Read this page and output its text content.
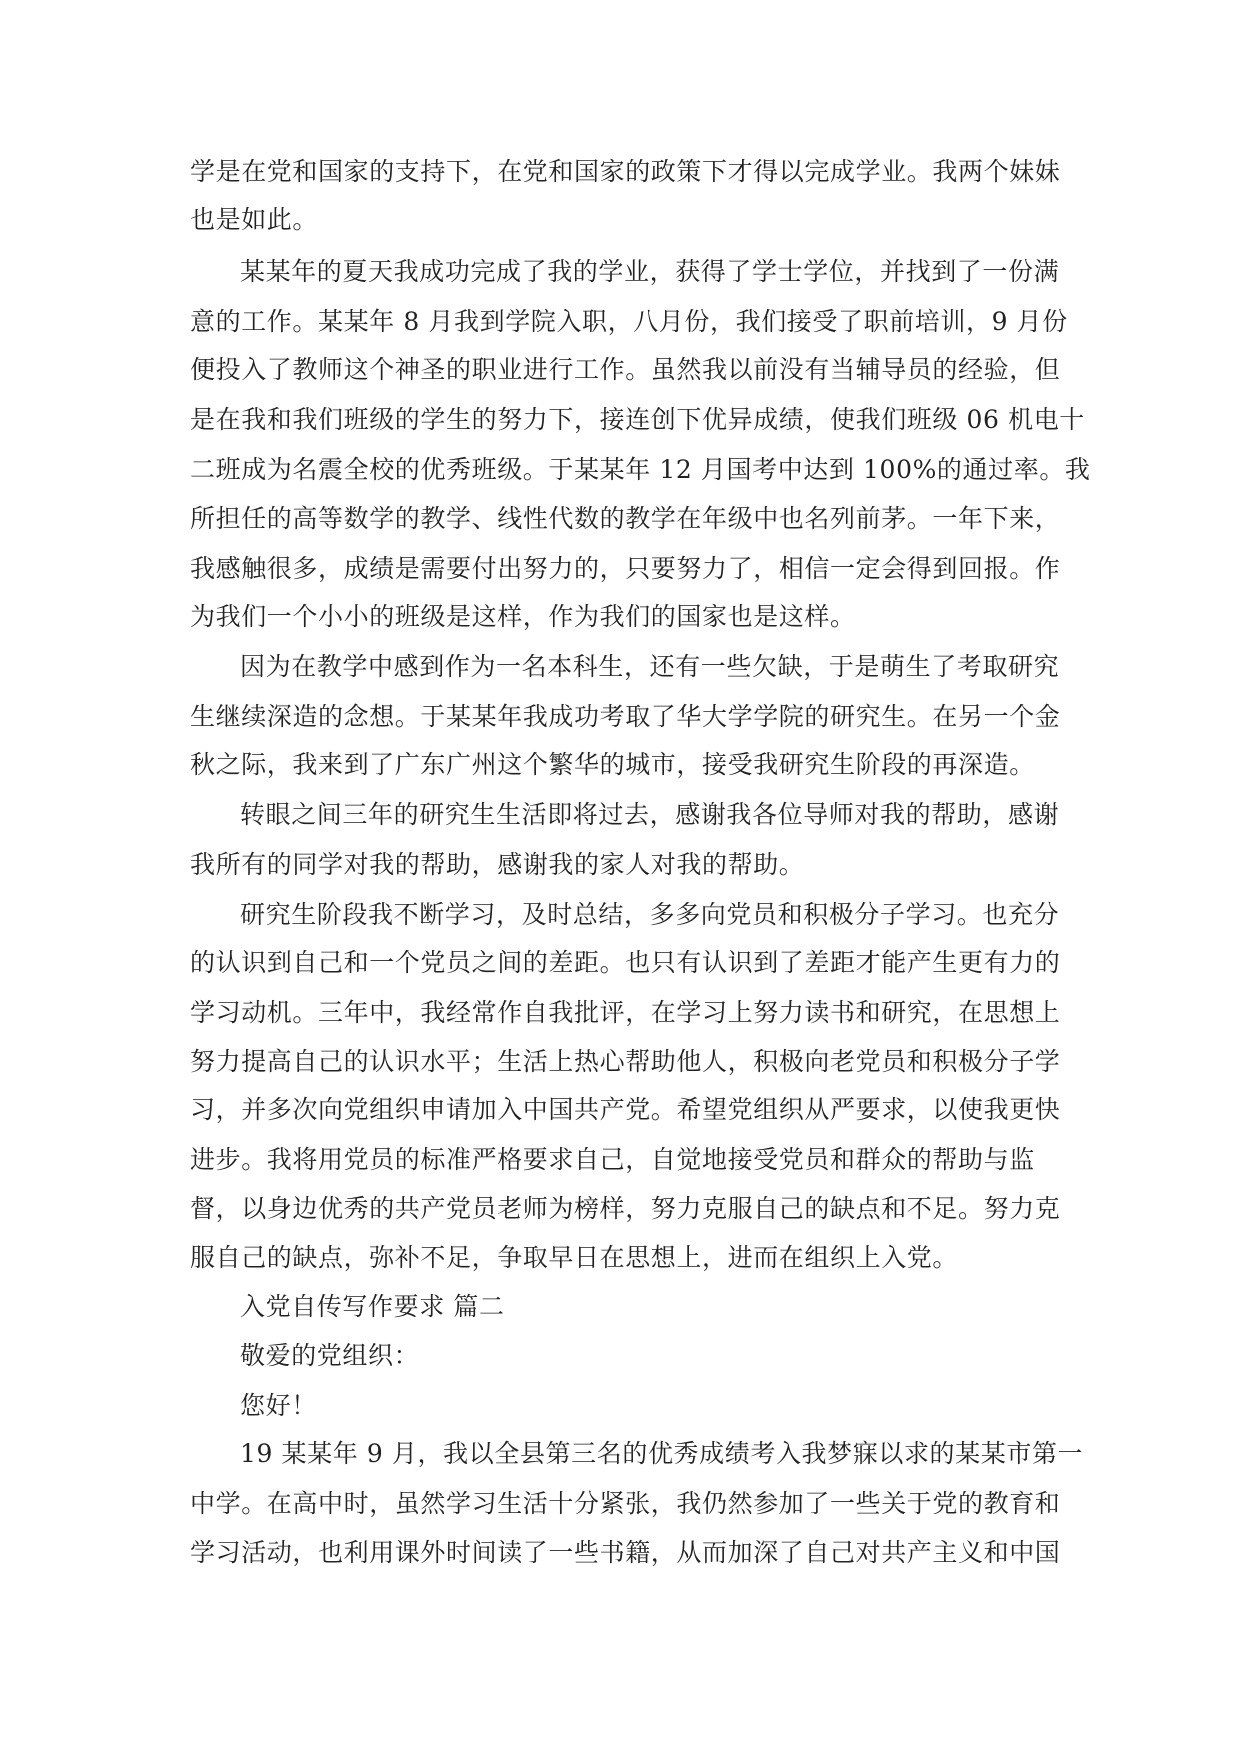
学是在党和国家的支持下，在党和国家的政策下才得以完成学业。我两个妹妹

也是如此。

某某年的夏天我成功完成了我的学业，获得了学士学位，并找到了一份满

意的工作。某某年 8 月我到学院入职，八月份，我们接受了职前培训，9 月份

便投入了教师这个神圣的职业进行工作。虽然我以前没有当辅导员的经验，但

是在我和我们班级的学生的努力下，接连创下优异成绩，使我们班级 06 机电十

二班成为名震全校的优秀班级。于某某年 12 月国考中达到 100%的通过率。我

所担任的高等数学的教学、线性代数的教学在年级中也名列前茅。一年下来，

我感触很多，成绩是需要付出努力的，只要努力了，相信一定会得到回报。作

为我们一个小小的班级是这样，作为我们的国家也是这样。

因为在教学中感到作为一名本科生，还有一些欠缺，于是萌生了考取研究

生继续深造的念想。于某某年我成功考取了华大学学院的研究生。在另一个金

秋之际，我来到了广东广州这个繁华的城市，接受我研究生阶段的再深造。

转眼之间三年的研究生生活即将过去，感谢我各位导师对我的帮助，感谢

我所有的同学对我的帮助，感谢我的家人对我的帮助。

研究生阶段我不断学习，及时总结，多多向党员和积极分子学习。也充分

的认识到自己和一个党员之间的差距。也只有认识到了差距才能产生更有力的

学习动机。三年中，我经常作自我批评，在学习上努力读书和研究，在思想上

努力提高自己的认识水平；生活上热心帮助他人，积极向老党员和积极分子学

习，并多次向党组织申请加入中国共产党。希望党组织从严要求，以使我更快

进步。我将用党员的标准严格要求自己，自觉地接受党员和群众的帮助与监

督，以身边优秀的共产党员老师为榜样，努力克服自己的缺点和不足。努力克

服自己的缺点，弥补不足，争取早日在思想上，进而在组织上入党。

入党自传写作要求 篇二

敬爱的党组织：

您好！

19 某某年 9 月，我以全县第三名的优秀成绩考入我梦寐以求的某某市第一

中学。在高中时，虽然学习生活十分紧张，我仍然参加了一些关于党的教育和

学习活动，也利用课外时间读了一些书籍，从而加深了自己对共产主义和中国
